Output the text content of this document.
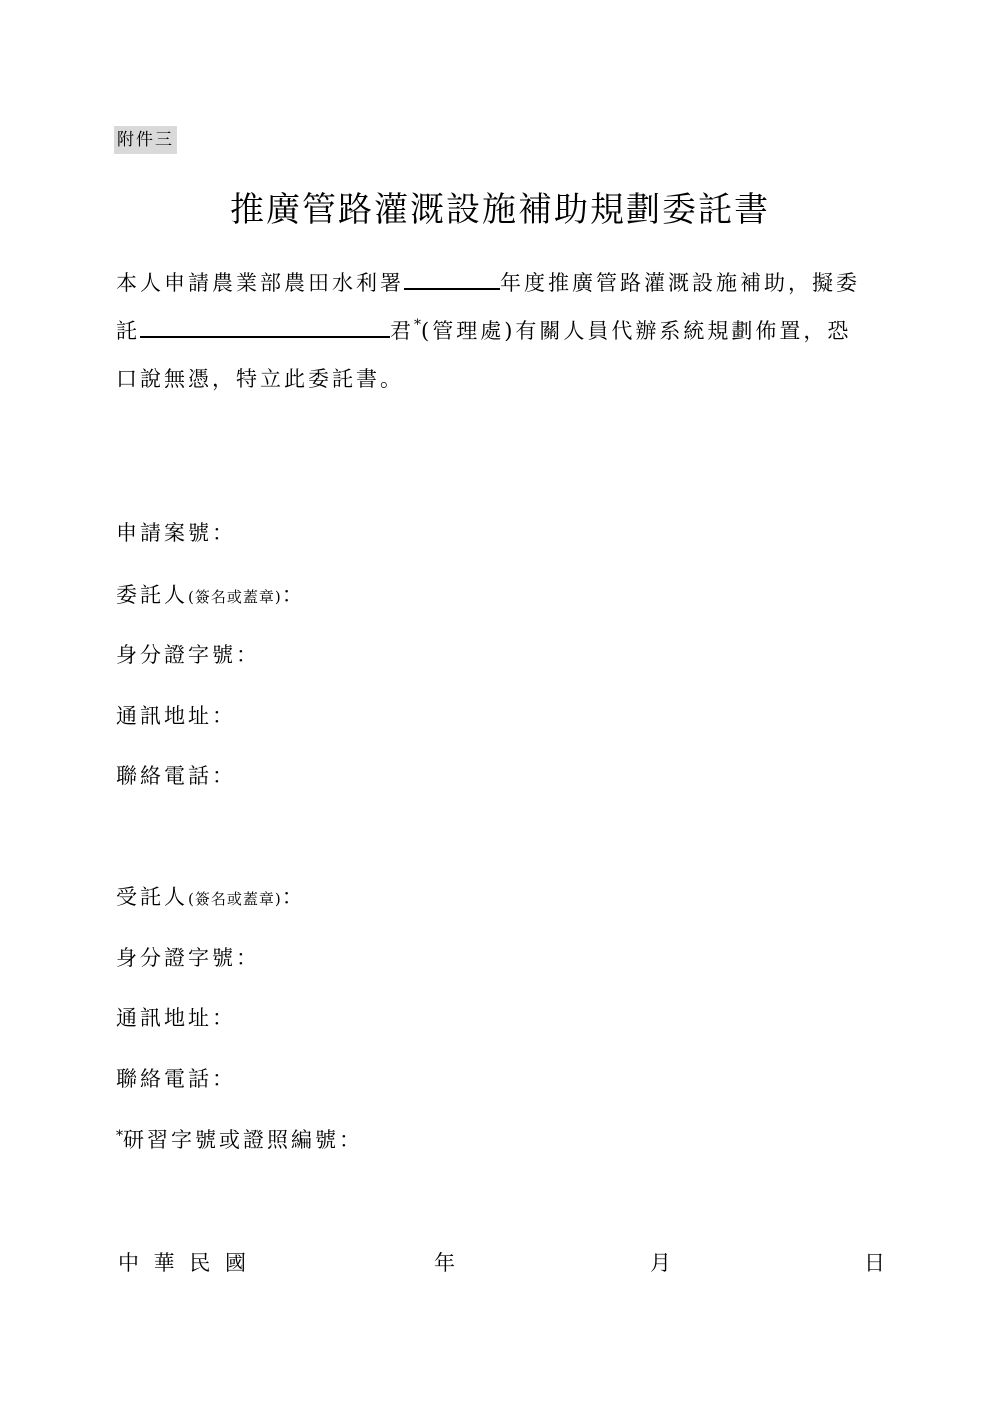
附件三
推廣管路灌溉設施補助規劃委託書
本人申請農業部農田水利署	年度推廣管路灌溉設施補助，擬委
託	君*(管理處)有關人員代辦系統規劃佈置，恐
口說無憑，特立此委託書。
申請案號：
委託人(簽名或蓋章)：
身分證字號：
通訊地址：
聯絡電話：
受託人(簽名或蓋章)：
身分證字號：
通訊地址：
聯絡電話：
*研習字號或證照編號：
中 華 民 國	年	月	日
